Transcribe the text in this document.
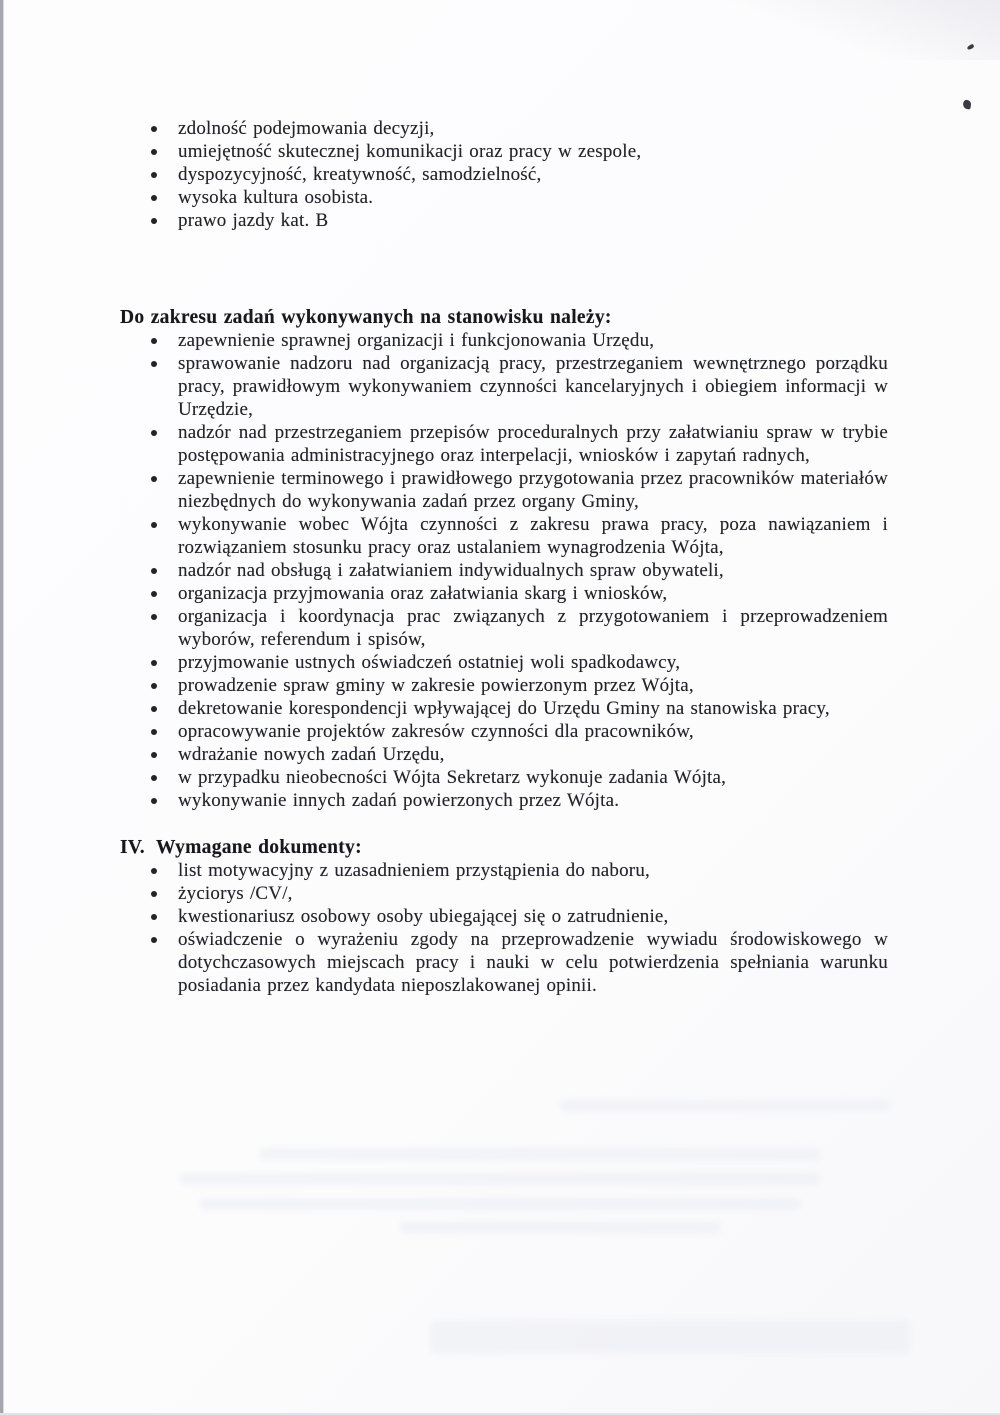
zdolność podejmowania decyzji,
umiejętność skutecznej komunikacji oraz pracy w zespole,
dyspozycyjność, kreatywność, samodzielność,
wysoka kultura osobista.
prawo jazdy kat. B
Do zakresu zadań wykonywanych na stanowisku należy:
zapewnienie sprawnej organizacji i funkcjonowania Urzędu,
sprawowanie nadzoru nad organizacją pracy, przestrzeganiem wewnętrznego porządku pracy, prawidłowym wykonywaniem czynności kancelaryjnych i obiegiem informacji w Urzędzie,
nadzór nad przestrzeganiem przepisów proceduralnych przy załatwianiu spraw w trybie postępowania administracyjnego oraz interpelacji, wniosków i zapytań radnych,
zapewnienie terminowego i prawidłowego przygotowania przez pracowników materiałów niezbędnych do wykonywania zadań przez organy Gminy,
wykonywanie wobec Wójta czynności z zakresu prawa pracy, poza nawiązaniem i rozwiązaniem stosunku pracy oraz ustalaniem wynagrodzenia Wójta,
nadzór nad obsługą i załatwianiem indywidualnych spraw obywateli,
organizacja przyjmowania oraz załatwiania skarg i wniosków,
organizacja i koordynacja prac związanych z przygotowaniem i przeprowadzeniem wyborów, referendum i spisów,
przyjmowanie ustnych oświadczeń ostatniej woli spadkodawcy,
prowadzenie spraw gminy w zakresie powierzonym przez Wójta,
dekretowanie korespondencji wpływającej do Urzędu Gminy na stanowiska pracy,
opracowywanie projektów zakresów czynności dla pracowników,
wdrażanie nowych zadań Urzędu,
w przypadku nieobecności Wójta Sekretarz wykonuje zadania Wójta,
wykonywanie innych zadań powierzonych przez Wójta.
IV. Wymagane dokumenty:
list motywacyjny z uzasadnieniem przystąpienia do naboru,
życiorys /CV/,
kwestionariusz osobowy osoby ubiegającej się o zatrudnienie,
oświadczenie o wyrażeniu zgody na przeprowadzenie wywiadu środowiskowego w dotychczasowych miejscach pracy i nauki w celu potwierdzenia spełniania warunku posiadania przez kandydata nieposzlakowanej opinii.
